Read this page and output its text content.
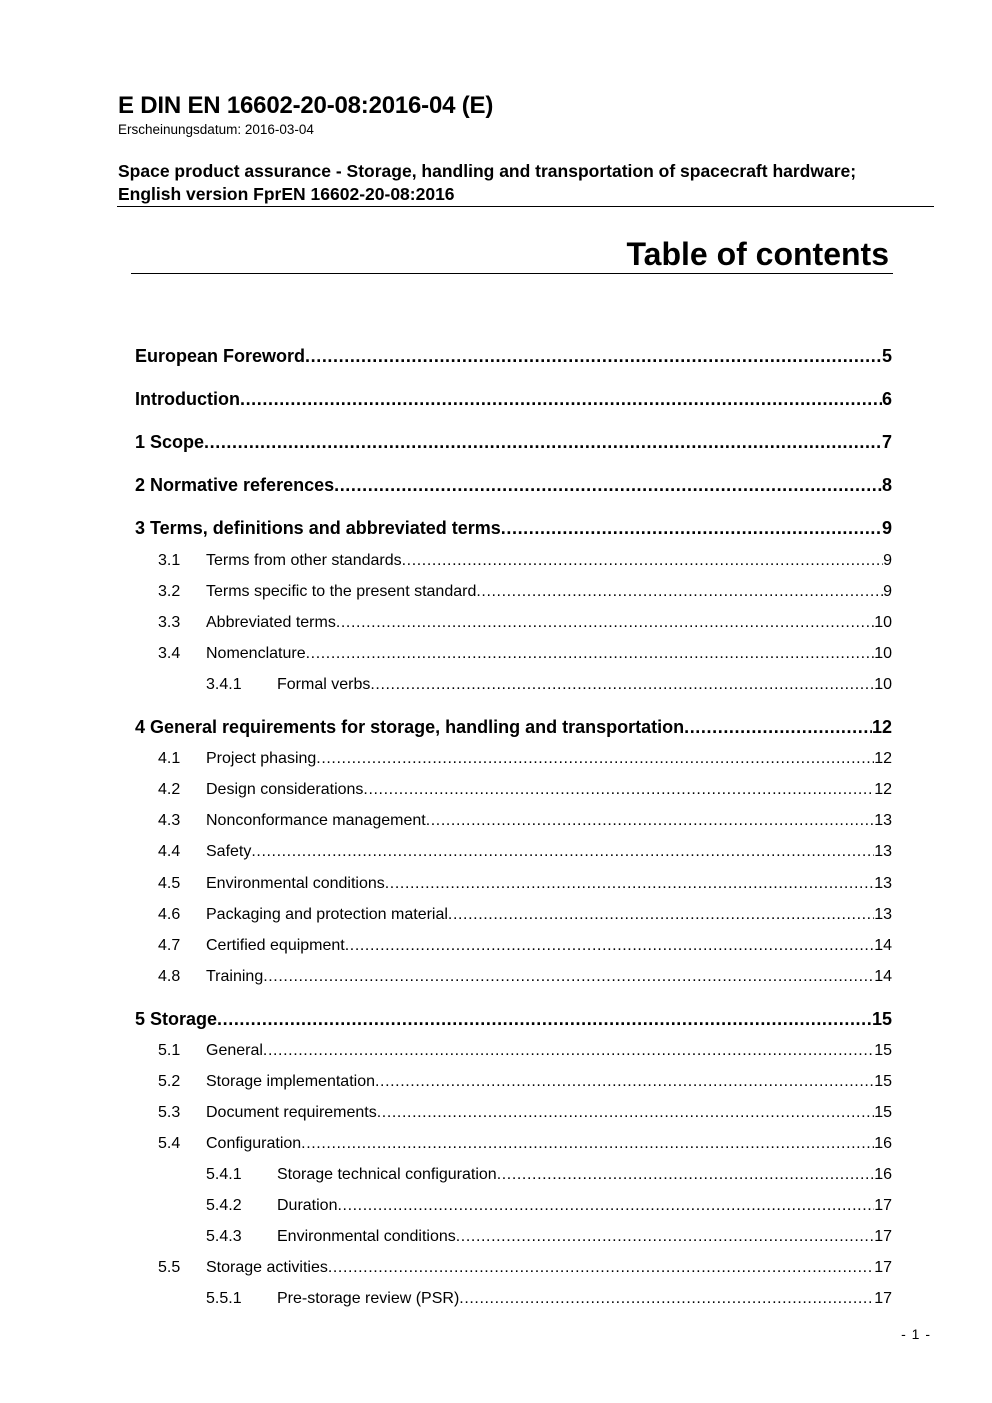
E DIN EN 16602-20-08:2016-04 (E)
Erscheinungsdatum: 2016-03-04
Space product assurance - Storage, handling and transportation of spacecraft hardware; English version FprEN 16602-20-08:2016
Table of contents
European Foreword .....	5
Introduction .....	6
1 Scope .....	7
2 Normative references .....	8
3 Terms, definitions and abbreviated terms .....	9
3.1 Terms from other standards .....	9
3.2 Terms specific to the present standard .....	9
3.3 Abbreviated terms .....	10
3.4 Nomenclature .....	10
3.4.1 Formal verbs .....	10
4 General requirements for storage, handling and transportation .....	12
4.1 Project phasing .....	12
4.2 Design considerations .....	12
4.3 Nonconformance management .....	13
4.4 Safety .....	13
4.5 Environmental conditions .....	13
4.6 Packaging and protection material .....	13
4.7 Certified equipment .....	14
4.8 Training .....	14
5 Storage .....	15
5.1 General .....	15
5.2 Storage implementation .....	15
5.3 Document requirements .....	15
5.4 Configuration .....	16
5.4.1 Storage technical configuration .....	16
5.4.2 Duration .....	17
5.4.3 Environmental conditions .....	17
5.5 Storage activities .....	17
5.5.1 Pre-storage review (PSR) .....	17
- 1 -
